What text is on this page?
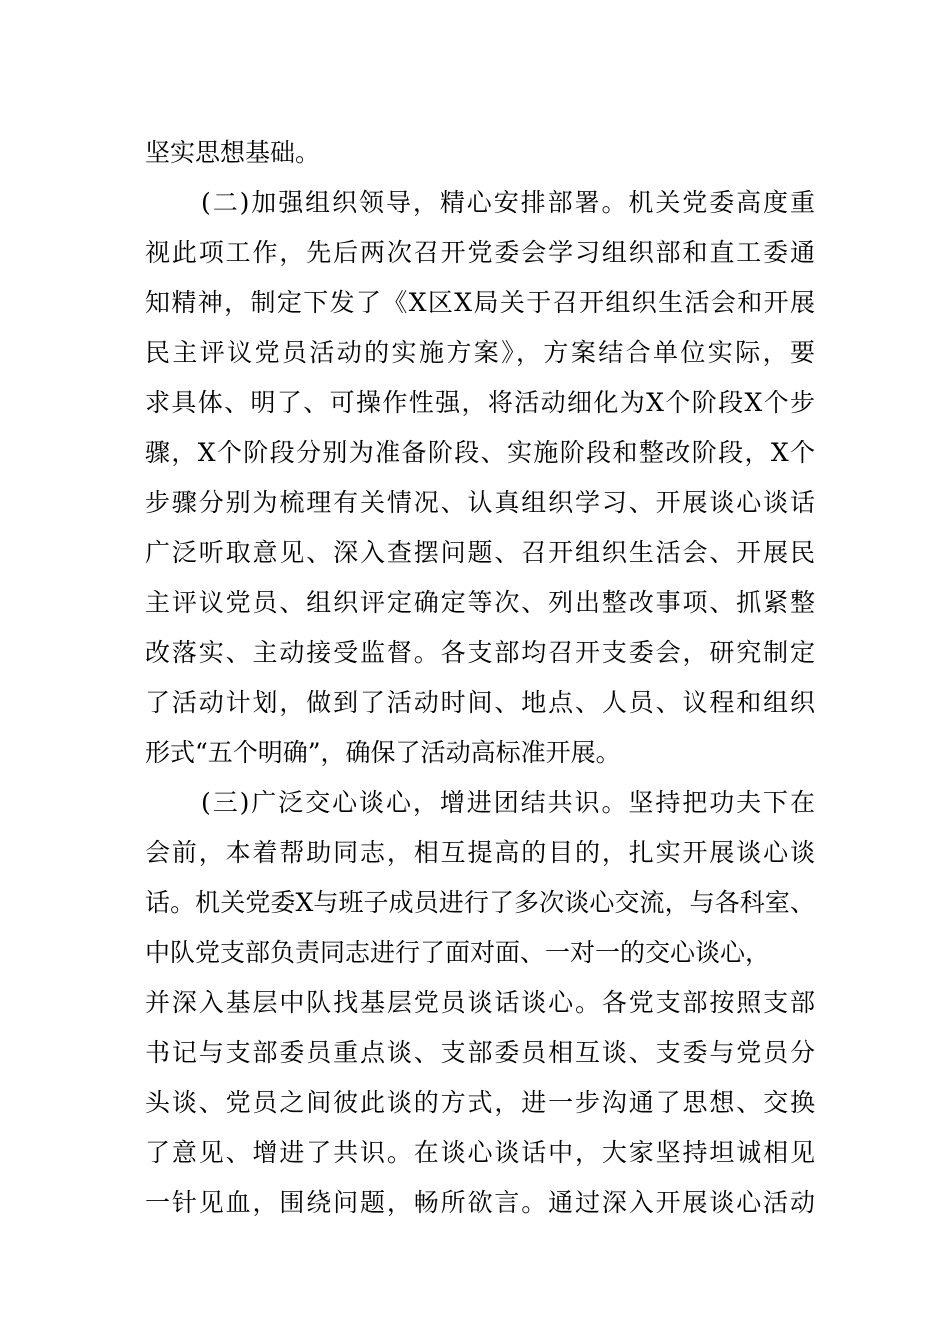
坚实思想基础。
(二)加强组织领导，精心安排部署。机关党委高度重
视此项工作，先后两次召开党委会学习组织部和直工委通
知精神，制定下发了《X区X局关于召开组织生活会和开展
民主评议党员活动的实施方案》，方案结合单位实际，要
求具体、明了、可操作性强，将活动细化为X个阶段X个步
骤，X个阶段分别为准备阶段、实施阶段和整改阶段，X个
步骤分别为梳理有关情况、认真组织学习、开展谈心谈话
广泛听取意见、深入查摆问题、召开组织生活会、开展民
主评议党员、组织评定确定等次、列出整改事项、抓紧整
改落实、主动接受监督。各支部均召开支委会，研究制定
了活动计划，做到了活动时间、地点、人员、议程和组织
形式“五个明确”，确保了活动高标准开展。
(三)广泛交心谈心，增进团结共识。坚持把功夫下在
会前，本着帮助同志，相互提高的目的，扎实开展谈心谈
话。机关党委X与班子成员进行了多次谈心交流，与各科室、
中队党支部负责同志进行了面对面、一对一的交心谈心，
并深入基层中队找基层党员谈话谈心。各党支部按照支部
书记与支部委员重点谈、支部委员相互谈、支委与党员分
头谈、党员之间彼此谈的方式，进一步沟通了思想、交换
了意见、增进了共识。在谈心谈话中，大家坚持坦诚相见
一针见血，围绕问题，畅所欲言。通过深入开展谈心活动
